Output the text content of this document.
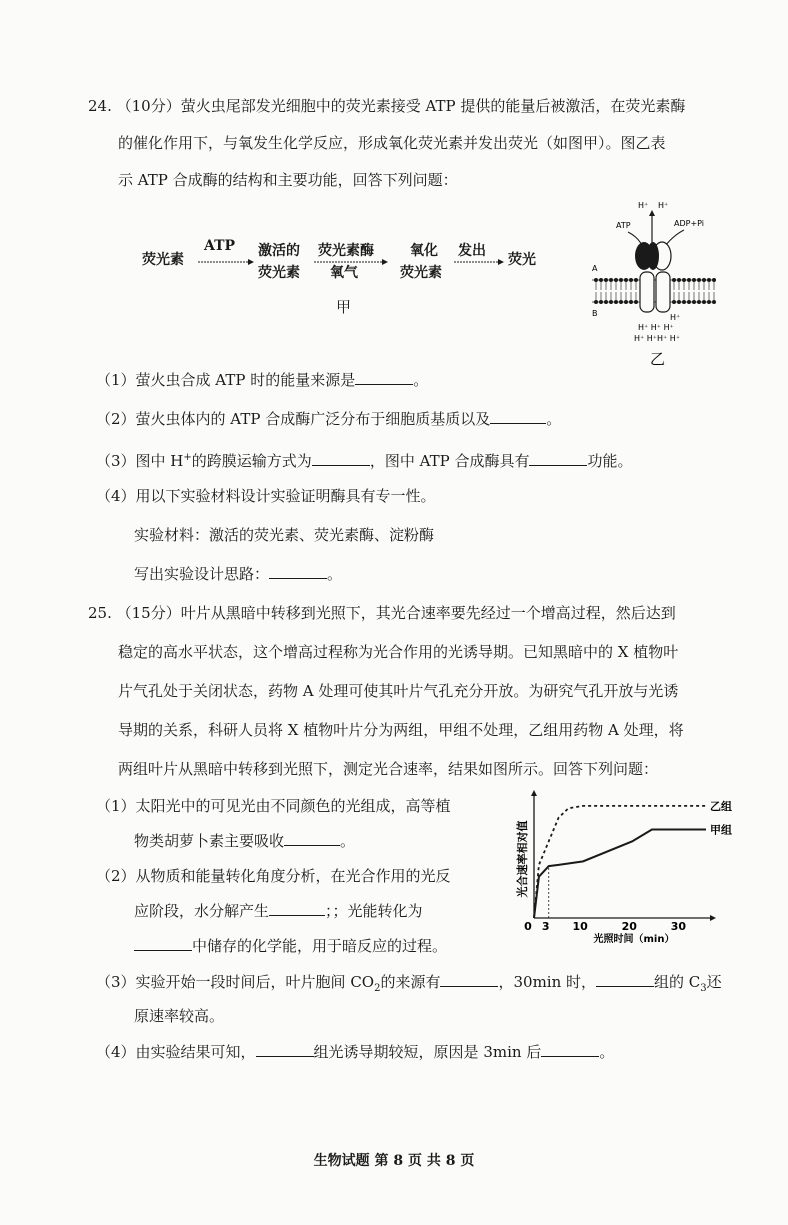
24. （10分）萤火虫尾部发光细胞中的荧光素接受 ATP 提供的能量后被激活，在荧光素酶
的催化作用下，与氧发生化学反应，形成氧化荧光素并发出荧光（如图甲）。图乙表
示 ATP 合成酶的结构和主要功能，回答下列问题：
荧光素
ATP 激活的
荧光素
荧光素酶
氧气
氧化
荧光素
发出
荧光
甲
H⁺ H⁺
ATP	ADP+Pi
A
B	H⁺
H⁺ H⁺ H⁺
H⁺ H⁺H⁺ H⁺
乙
（1）萤火虫合成 ATP 时的能量来源是	。
（2）萤火虫体内的 ATP 合成酶广泛分布于细胞质基质以及	。
（3）图中 H+的跨膜运输方式为	，图中 ATP 合成酶具有	功能。
（4）用以下实验材料设计实验证明酶具有专一性。
实验材料：激活的荧光素、荧光素酶、淀粉酶
写出实验设计思路：	。
25. （15分）叶片从黑暗中转移到光照下，其光合速率要先经过一个增高过程，然后达到
稳定的高水平状态，这个增高过程称为光合作用的光诱导期。已知黑暗中的 X 植物叶
片气孔处于关闭状态，药物 A 处理可使其叶片气孔充分开放。为研究气孔开放与光诱
导期的关系，科研人员将 X 植物叶片分为两组，甲组不处理，乙组用药物 A 处理，将
两组叶片从黑暗中转移到光照下，测定光合速率，结果如图所示。回答下列问题：
（1）太阳光中的可见光由不同颜色的光组成，高等植
物类胡萝卜素主要吸收	。
（2）从物质和能量转化角度分析，在光合作用的光反
应阶段，水分解产生	；；光能转化为
中储存的化学能，用于暗反应的过程。
光合速率相对值
0 3 10	20	30
光照时间（min）
乙组
甲组
（3）实验开始一段时间后，叶片胞间 $CO_2$的来源有	，30min 时，	组的 $C_3$还
原速率较高。
（4）由实验结果可知，	组光诱导期较短，原因是 3min 后	。
生物试题 第 8 页 共 8 页
